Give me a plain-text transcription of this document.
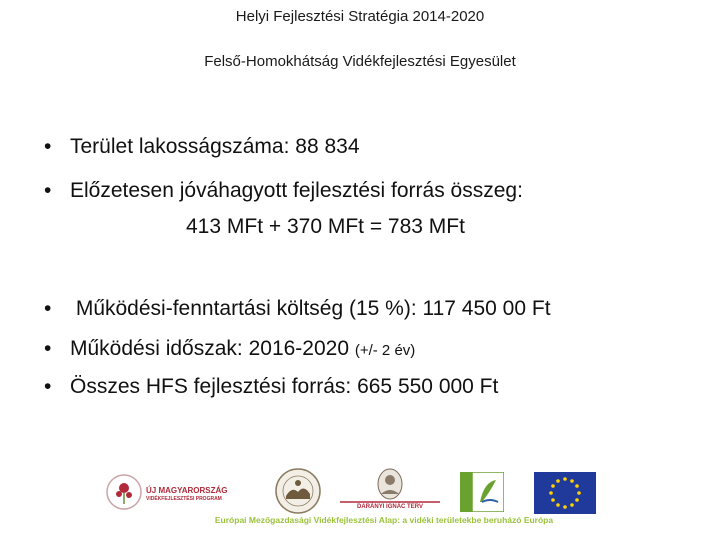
Helyi Fejlesztési Stratégia 2014-2020
Felső-Homokhátság Vidékfejlesztési Egyesület
• Terület lakosságszáma: 88 834
• Előzetesen jóváhagyott fejlesztési forrás összeg:
413 MFt + 370 MFt = 783 MFt
• Működési-fenntartási költség (15 %): 117 450 00 Ft
• Működési időszak: 2016-2020 (+/- 2 év)
• Összes HFS fejlesztési forrás: 665 550 000 Ft
ÚJ MAGYARORSZÁG
VIDÉKFEJLESZTÉSI PROGRAM
DARÁNYI IGNÁC TERV
Európai Mezőgazdasági Vidékfejlesztési Alap: a vidéki területekbe beruházó Európa
